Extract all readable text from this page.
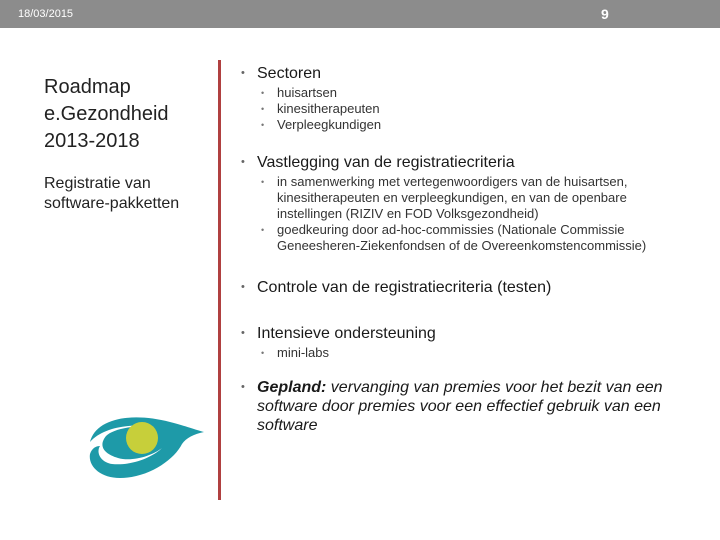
18/03/2015	9
Roadmap e.Gezondheid 2013-2018
Registratie van software-pakketten
• Sectoren
• huisartsen
• kinesitherapeuten
• Verpleegkundigen
• Vastlegging van de registratiecriteria
• in samenwerking met vertegenwoordigers van de huisartsen, kinesitherapeuten en verpleegkundigen, en van de openbare instellingen (RIZIV en FOD Volksgezondheid)
• goedkeuring door ad-hoc-commissies (Nationale Commissie Geneesheren-Ziekenfondsen of de Overeenkomstencommissie)
• Controle van de registratiecriteria (testen)
• Intensieve ondersteuning
• mini-labs
• Gepland: vervanging van premies voor het bezit van een software door premies voor een effectief gebruik van een software
